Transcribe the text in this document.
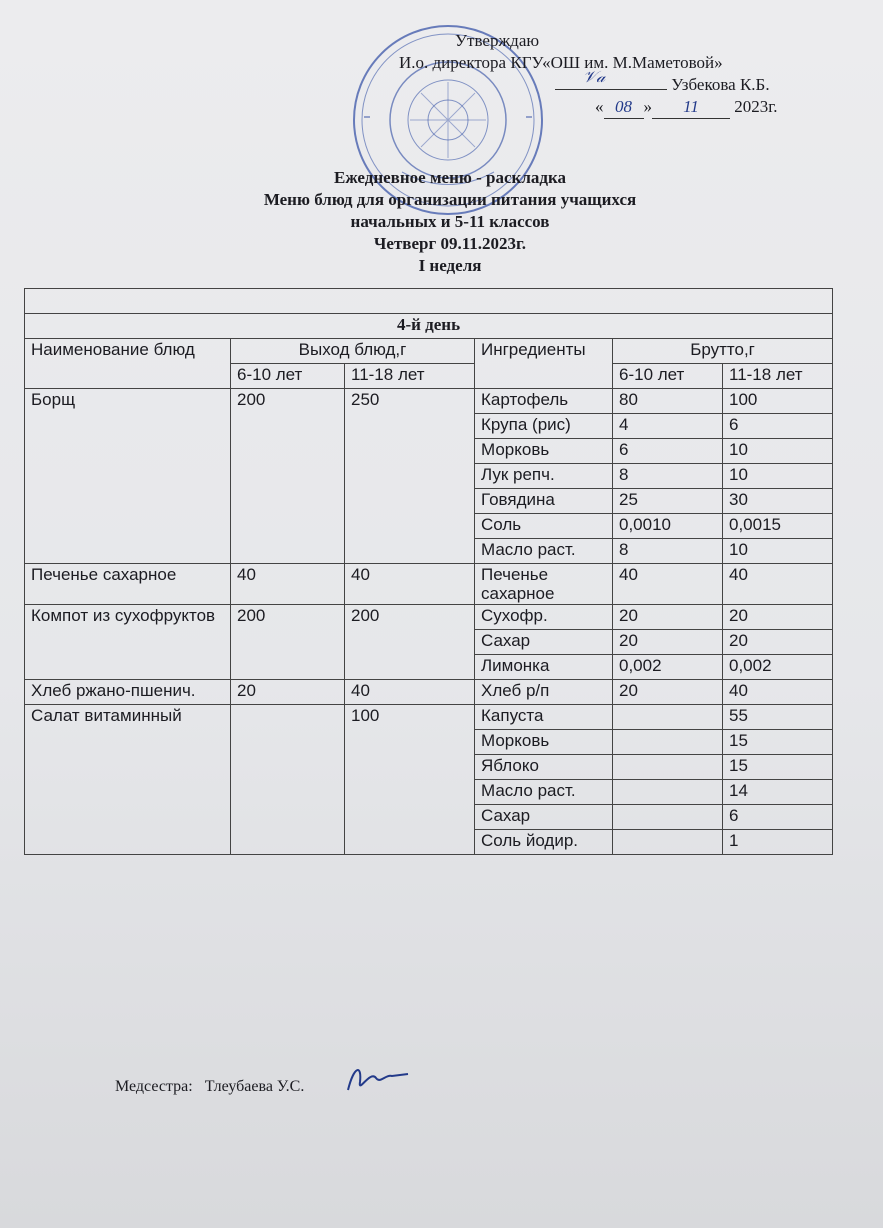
Утверждаю
И.о. директора КГУ«ОШ им. М.Маметовой»
𝒱𝒶	Узбекова К.Б.
« 08 » 11 2023г.
Ежедневное меню - раскладка
Меню блюд для организации питания учащихся
начальных и 5-11 классов
Четверг 09.11.2023г.
I неделя

4-й день					
Наименование блюд	Выход блюд,г		Ингредиенты	Брутто,г	
	6-10 лет	11-18 лет		6-10 лет	11-18 лет
Борщ	200	250	Картофель	80	100
			Крупа (рис)	4	6
			Морковь	6	10
			Лук репч.	8	10
			Говядина	25	30
			Соль	0,0010	0,0015
			Масло раст.	8	10
Печенье сахарное	40	40	Печенье сахарное	40	40
Компот из сухофруктов	200	200	Сухофр.	20	20
			Сахар	20	20
			Лимонка	0,002	0,002
Хлеб ржано-пшенич.	20	40	Хлеб р/п	20	40
Салат витаминный		100	Капуста		55
			Морковь		15
			Яблоко		15
			Масло раст.		14
			Сахар		6
			Соль йодир.		1
Медсестра: Тлеубаева У.С.
